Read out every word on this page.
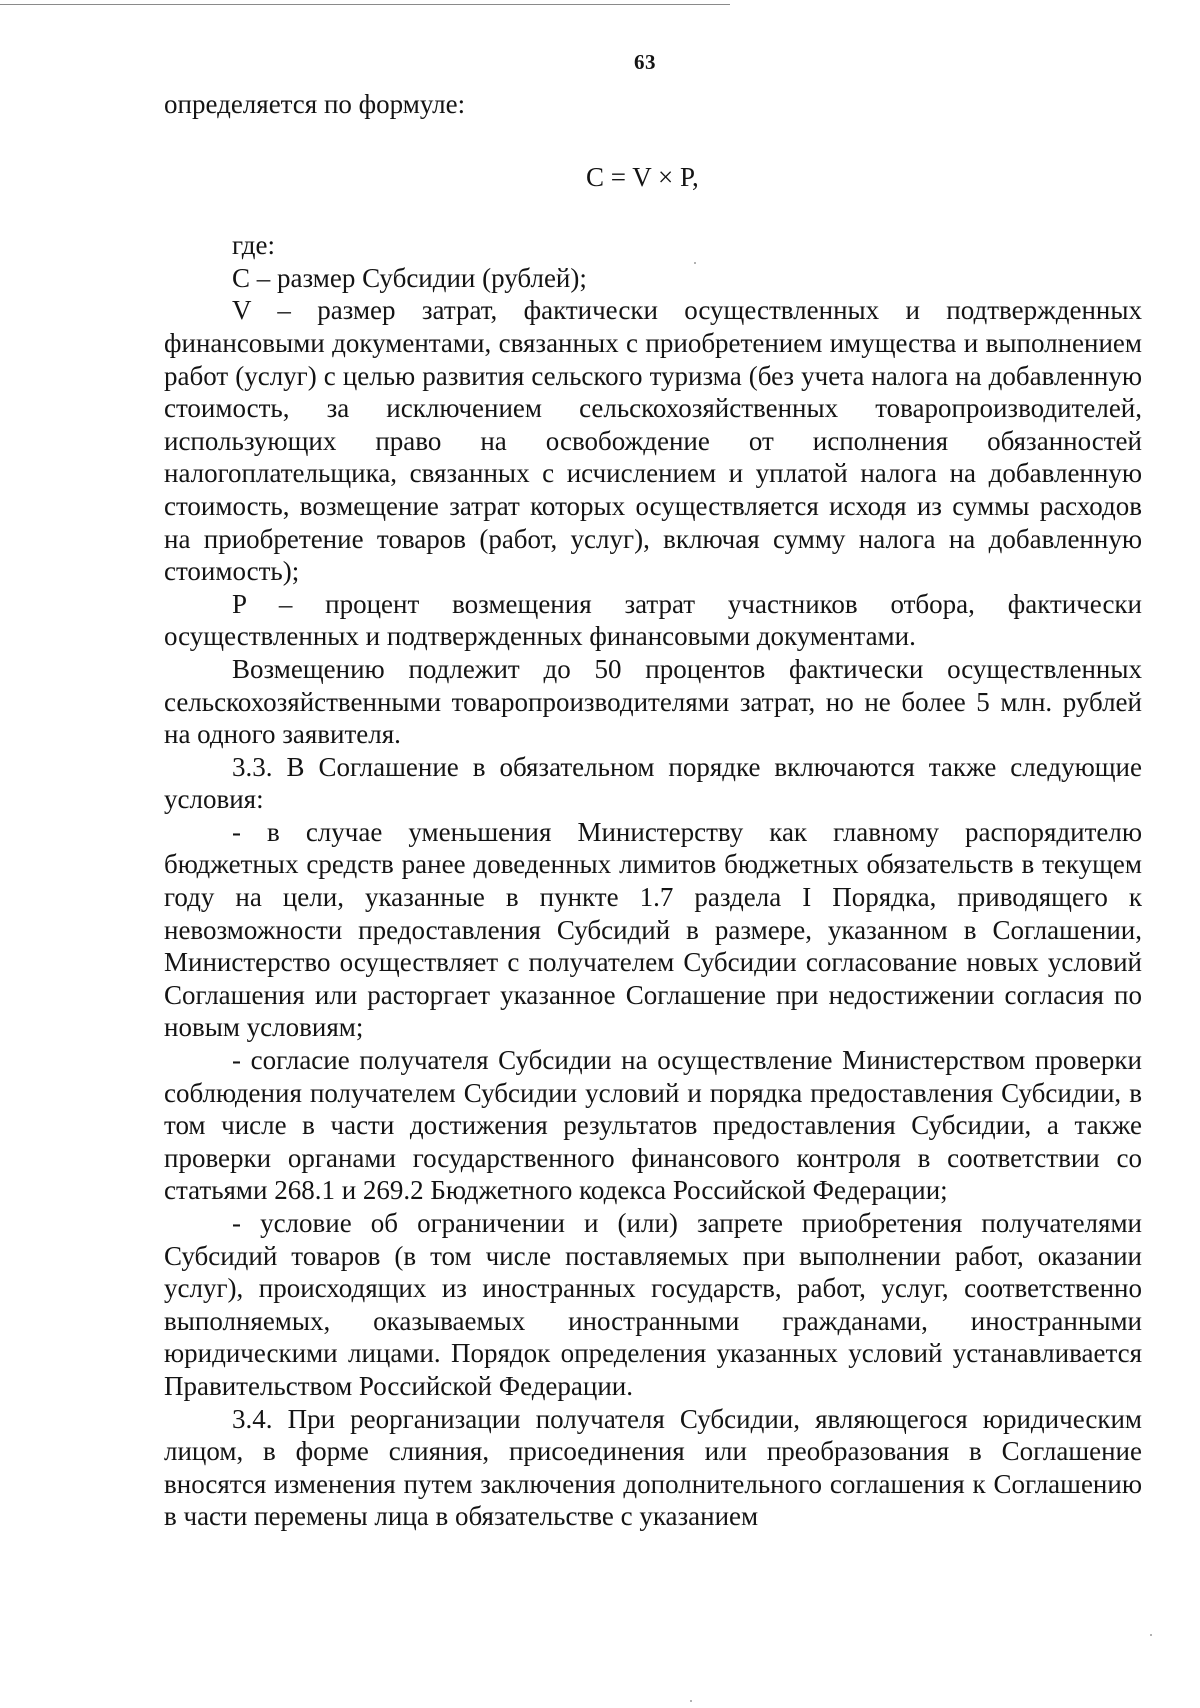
63

определяется по формуле:

C = V × P,

где:

C – размер Субсидии (рублей);

V – размер затрат, фактически осуществленных и подтвержденных финансовыми документами, связанных с приобретением имущества и выполнением работ (услуг) с целью развития сельского туризма (без учета налога на добавленную стоимость, за исключением сельскохозяйственных товаропроизводителей, использующих право на освобождение от исполнения обязанностей налогоплательщика, связанных с исчислением и уплатой налога на добавленную стоимость, возмещение затрат которых осуществляется исходя из суммы расходов на приобретение товаров (работ, услуг), включая сумму налога на добавленную стоимость);

P – процент возмещения затрат участников отбора, фактически осуществленных и подтвержденных финансовыми документами.

Возмещению подлежит до 50 процентов фактически осуществленных сельскохозяйственными товаропроизводителями затрат, но не более 5 млн. рублей на одного заявителя.

3.3. В Соглашение в обязательном порядке включаются также следующие условия:

- в случае уменьшения Министерству как главному распорядителю бюджетных средств ранее доведенных лимитов бюджетных обязательств в текущем году на цели, указанные в пункте 1.7 раздела I Порядка, приводящего к невозможности предоставления Субсидий в размере, указанном в Соглашении, Министерство осуществляет с получателем Субсидии согласование новых условий Соглашения или расторгает указанное Соглашение при недостижении согласия по новым условиям;

- согласие получателя Субсидии на осуществление Министерством проверки соблюдения получателем Субсидии условий и порядка предоставления Субсидии, в том числе в части достижения результатов предоставления Субсидии, а также проверки органами государственного финансового контроля в соответствии со статьями 268.1 и 269.2 Бюджетного кодекса Российской Федерации;

- условие об ограничении и (или) запрете приобретения получателями Субсидий товаров (в том числе поставляемых при выполнении работ, оказании услуг), происходящих из иностранных государств, работ, услуг, соответственно выполняемых, оказываемых иностранными гражданами, иностранными юридическими лицами. Порядок определения указанных условий устанавливается Правительством Российской Федерации.

3.4. При реорганизации получателя Субсидии, являющегося юридическим лицом, в форме слияния, присоединения или преобразования в Соглашение вносятся изменения путем заключения дополнительного соглашения к Соглашению в части перемены лица в обязательстве с указанием
